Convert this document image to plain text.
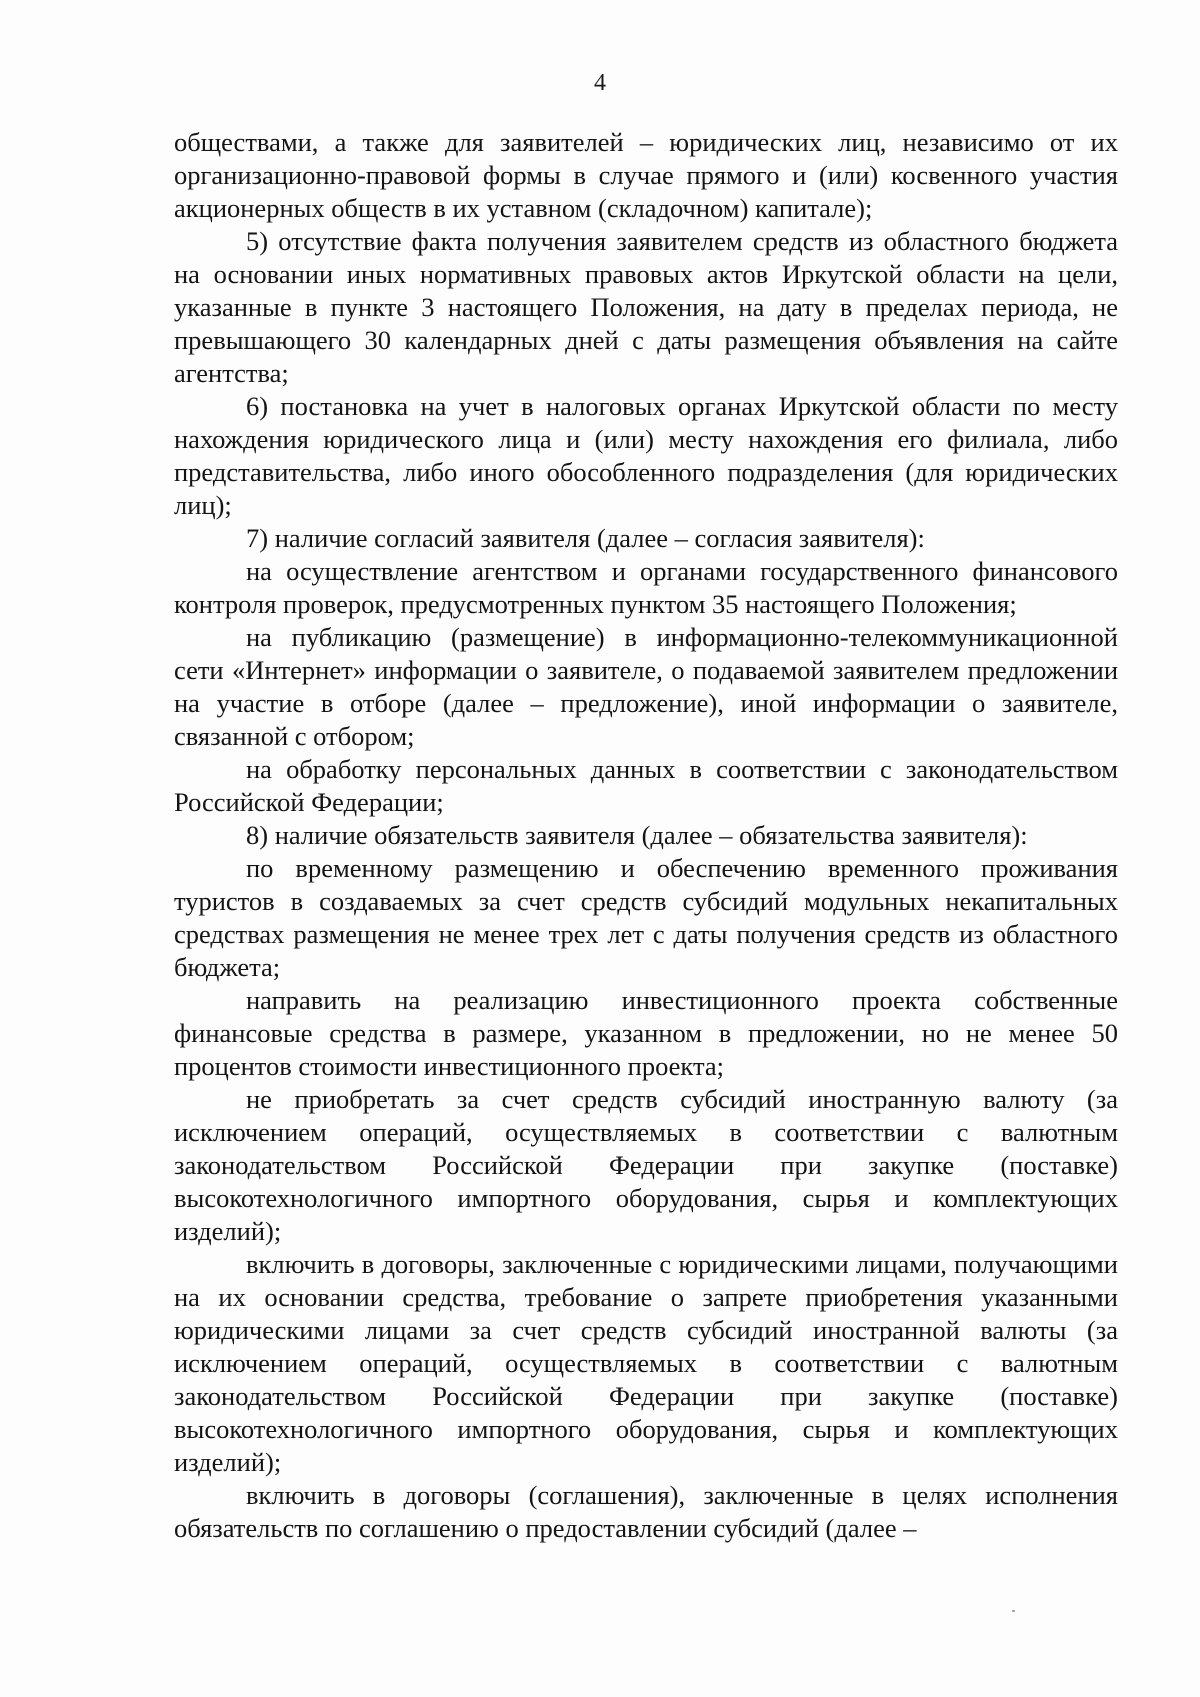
4

обществами, а также для заявителей – юридических лиц, независимо от их организационно-правовой формы в случае прямого и (или) косвенного участия акционерных обществ в их уставном (складочном) капитале);

5) отсутствие факта получения заявителем средств из областного бюджета на основании иных нормативных правовых актов Иркутской области на цели, указанные в пункте 3 настоящего Положения, на дату в пределах периода, не превышающего 30 календарных дней с даты размещения объявления на сайте агентства;

6) постановка на учет в налоговых органах Иркутской области по месту нахождения юридического лица и (или) месту нахождения его филиала, либо представительства, либо иного обособленного подразделения (для юридических лиц);

7) наличие согласий заявителя (далее – согласия заявителя):

на осуществление агентством и органами государственного финансового контроля проверок, предусмотренных пунктом 35 настоящего Положения;

на публикацию (размещение) в информационно-телекоммуникационной сети «Интернет» информации о заявителе, о подаваемой заявителем предложении на участие в отборе (далее – предложение), иной информации о заявителе, связанной с отбором;

на обработку персональных данных в соответствии с законодательством Российской Федерации;

8) наличие обязательств заявителя (далее – обязательства заявителя):

по временному размещению и обеспечению временного проживания туристов в создаваемых за счет средств субсидий модульных некапитальных средствах размещения не менее трех лет с даты получения средств из областного бюджета;

направить на реализацию инвестиционного проекта собственные финансовые средства в размере, указанном в предложении, но не менее 50 процентов стоимости инвестиционного проекта;

не приобретать за счет средств субсидий иностранную валюту (за исключением операций, осуществляемых в соответствии с валютным законодательством Российской Федерации при закупке (поставке) высокотехнологичного импортного оборудования, сырья и комплектующих изделий);

включить в договоры, заключенные с юридическими лицами, получающими на их основании средства, требование о запрете приобретения указанными юридическими лицами за счет средств субсидий иностранной валюты (за исключением операций, осуществляемых в соответствии с валютным законодательством Российской Федерации при закупке (поставке) высокотехнологичного импортного оборудования, сырья и комплектующих изделий);

включить в договоры (соглашения), заключенные в целях исполнения обязательств по соглашению о предоставлении субсидий (далее –
